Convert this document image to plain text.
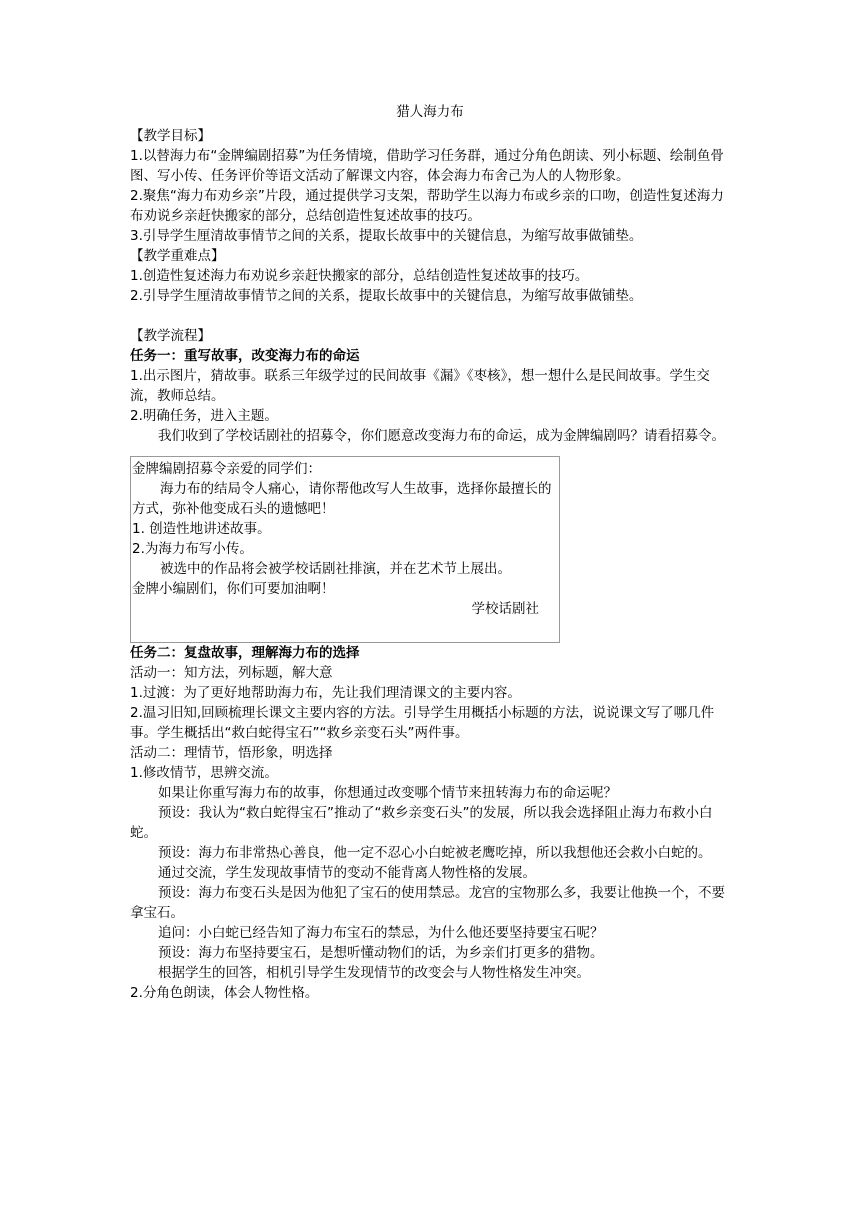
猎人海力布

【教学目标】

1.以替海力布“金牌编剧招募”为任务情境，借助学习任务群，通过分角色朗读、列小标题、绘制鱼骨图、写小传、任务评价等语文活动了解课文内容，体会海力布舍己为人的人物形象。

2.聚焦“海力布劝乡亲”片段，通过提供学习支架，帮助学生以海力布或乡亲的口吻，创造性复述海力布劝说乡亲赶快搬家的部分，总结创造性复述故事的技巧。

3.引导学生厘清故事情节之间的关系，提取长故事中的关键信息，为缩写故事做铺垫。

【教学重难点】

1.创造性复述海力布劝说乡亲赶快搬家的部分，总结创造性复述故事的技巧。

2.引导学生厘清故事情节之间的关系，提取长故事中的关键信息，为缩写故事做铺垫。

【教学流程】

任务一：重写故事，改变海力布的命运

1.出示图片，猜故事。联系三年级学过的民间故事《漏》《枣核》，想一想什么是民间故事。学生交流，教师总结。

2.明确任务，进入主题。

我们收到了学校话剧社的招募令，你们愿意改变海力布的命运，成为金牌编剧吗？请看招募令。

金牌编剧招募令亲爱的同学们：

海力布的结局令人痛心，请你帮他改写人生故事，选择你最擅长的方式，弥补他变成石头的遗憾吧！

1. 创造性地讲述故事。

2.为海力布写小传。

被选中的作品将会被学校话剧社排演，并在艺术节上展出。

金牌小编剧们，你们可要加油啊！

学校话剧社

任务二：复盘故事，理解海力布的选择

活动一：知方法，列标题，解大意

1.过渡：为了更好地帮助海力布，先让我们理清课文的主要内容。

2.温习旧知,回顾梳理长课文主要内容的方法。引导学生用概括小标题的方法，说说课文写了哪几件事。学生概括出“救白蛇得宝石”“救乡亲变石头”两件事。

活动二：理情节，悟形象，明选择

1.修改情节，思辨交流。

如果让你重写海力布的故事，你想通过改变哪个情节来扭转海力布的命运呢？

预设：我认为“救白蛇得宝石”推动了“救乡亲变石头”的发展，所以我会选择阻止海力布救小白蛇。

预设：海力布非常热心善良，他一定不忍心小白蛇被老鹰吃掉，所以我想他还会救小白蛇的。

通过交流，学生发现故事情节的变动不能背离人物性格的发展。

预设：海力布变石头是因为他犯了宝石的使用禁忌。龙宫的宝物那么多，我要让他换一个，不要拿宝石。

追问：小白蛇已经告知了海力布宝石的禁忌，为什么他还要坚持要宝石呢？

预设：海力布坚持要宝石，是想听懂动物们的话，为乡亲们打更多的猎物。

根据学生的回答，相机引导学生发现情节的改变会与人物性格发生冲突。

2.分角色朗读，体会人物性格。
